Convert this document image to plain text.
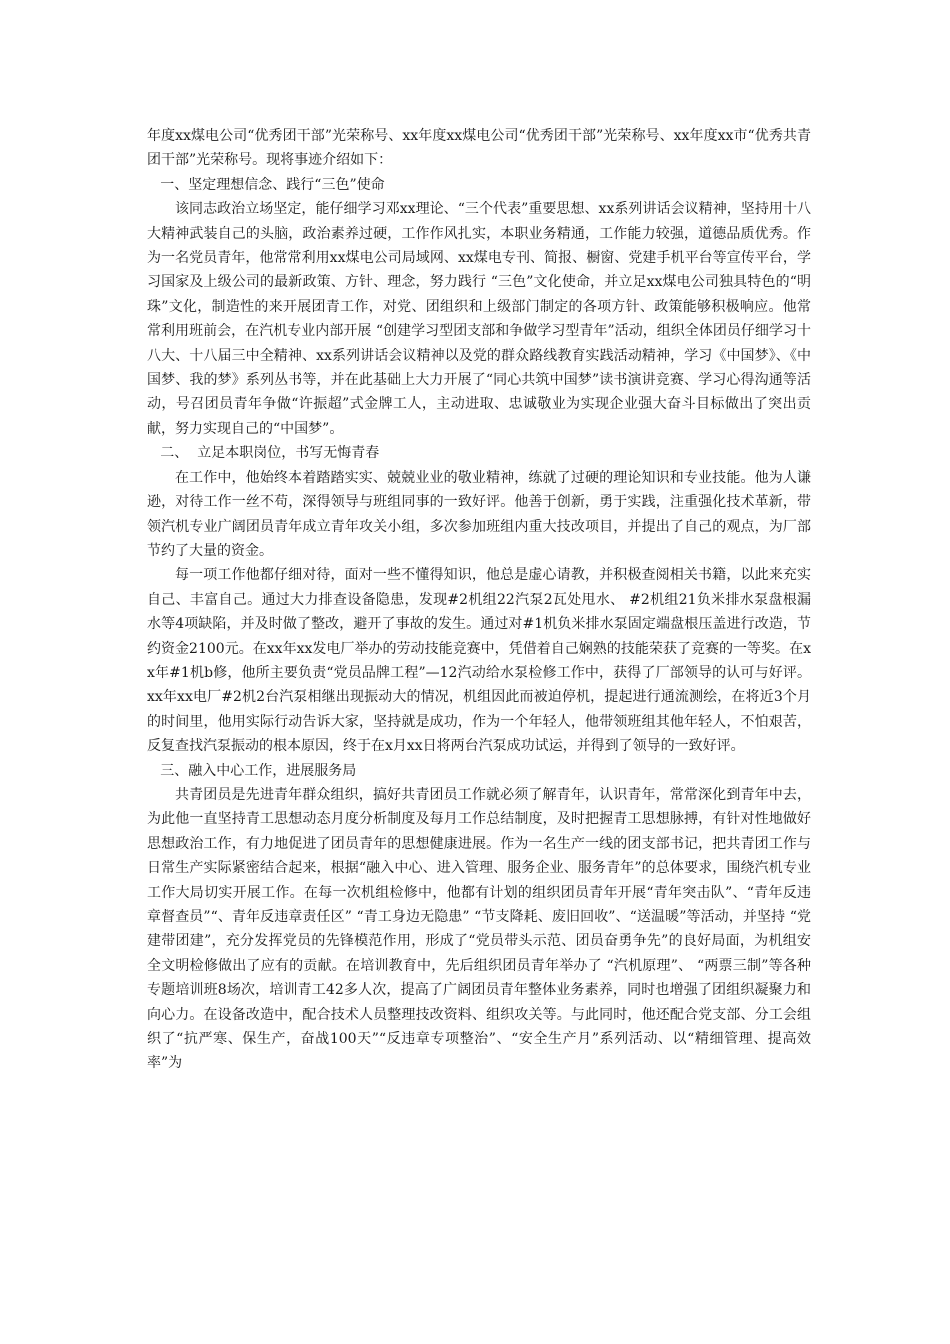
年度xx煤电公司“优秀团干部”光荣称号、xx年度xx煤电公司“优秀团干部”光荣称号、xx年度xx市“优秀共青团干部”光荣称号。现将事迹介绍如下：

一、坚定理想信念、践行“三色”使命

该同志政治立场坚定，能仔细学习邓xx理论、“三个代表”重要思想、xx系列讲话会议精神，坚持用十八大精神武装自己的头脑，政治素养过硬，工作作风扎实，本职业务精通，工作能力较强，道德品质优秀。作为一名党员青年，他常常利用xx煤电公司局域网、xx煤电专刊、简报、橱窗、党建手机平台等宣传平台，学习国家及上级公司的最新政策、方针、理念，努力践行 “三色”文化使命，并立足xx煤电公司独具特色的“明珠”文化，制造性的来开展团青工作，对党、团组织和上级部门制定的各项方针、政策能够积极响应。他常常利用班前会，在汽机专业内部开展 “创建学习型团支部和争做学习型青年”活动，组织全体团员仔细学习十八大、十八届三中全精神、xx系列讲话会议精神以及党的群众路线教育实践活动精神，学习《中国梦》、《中国梦、我的梦》系列丛书等，并在此基础上大力开展了“同心共筑中国梦”读书演讲竞赛、学习心得沟通等活动，号召团员青年争做“许振超”式金牌工人，主动进取、忠诚敬业为实现企业强大奋斗目标做出了突出贡献，努力实现自己的“中国梦”。

二、  立足本职岗位，书写无悔青春

在工作中，他始终本着踏踏实实、兢兢业业的敬业精神，练就了过硬的理论知识和专业技能。他为人谦逊，对待工作一丝不苟，深得领导与班组同事的一致好评。他善于创新，勇于实践，注重强化技术革新，带领汽机专业广阔团员青年成立青年攻关小组，多次参加班组内重大技改项目，并提出了自己的观点，为厂部节约了大量的资金。

每一项工作他都仔细对待，面对一些不懂得知识，他总是虚心请教，并积极查阅相关书籍，以此来充实自己、丰富自己。通过大力排查设备隐患，发现#2机组22汽泵2瓦处甩水、 #2机组21负米排水泵盘根漏水等4项缺陷，并及时做了整改，避开了事故的发生。通过对#1机负米排水泵固定端盘根压盖进行改造，节约资金2100元。在xx年xx发电厂举办的劳动技能竞赛中，凭借着自己娴熟的技能荣获了竞赛的一等奖。在xx年#1机b修，他所主要负责“党员品牌工程”—12汽动给水泵检修工作中，获得了厂部领导的认可与好评。xx年xx电厂#2机2台汽泵相继出现振动大的情况，机组因此而被迫停机，提起进行通流测绘，在将近3个月的时间里，他用实际行动告诉大家，坚持就是成功，作为一个年轻人，他带领班组其他年轻人，不怕艰苦，反复查找汽泵振动的根本原因，终于在x月xx日将两台汽泵成功试运，并得到了领导的一致好评。

三、融入中心工作，进展服务局

共青团员是先进青年群众组织，搞好共青团员工作就必须了解青年，认识青年，常常深化到青年中去，为此他一直坚持青工思想动态月度分析制度及每月工作总结制度，及时把握青工思想脉搏，有针对性地做好思想政治工作，有力地促进了团员青年的思想健康进展。作为一名生产一线的团支部书记，把共青团工作与日常生产实际紧密结合起来，根据“融入中心、进入管理、服务企业、服务青年”的总体要求，围绕汽机专业工作大局切实开展工作。在每一次机组检修中，他都有计划的组织团员青年开展“青年突击队”、“青年反违章督查员”“、青年反违章责任区” “青工身边无隐患” “节支降耗、废旧回收”、“送温暖”等活动，并坚持 “党建带团建”，充分发挥党员的先锋模范作用，形成了“党员带头示范、团员奋勇争先”的良好局面，为机组安全文明检修做出了应有的贡献。在培训教育中，先后组织团员青年举办了 “汽机原理”、 “两票三制”等各种专题培训班8场次，培训青工42多人次，提高了广阔团员青年整体业务素养，同时也增强了团组织凝聚力和向心力。在设备改造中，配合技术人员整理技改资料、组织攻关等。与此同时，他还配合党支部、分工会组织了“抗严寒、保生产，奋战100天”“反违章专项整治”、“安全生产月”系列活动、以“精细管理、提高效率”为
